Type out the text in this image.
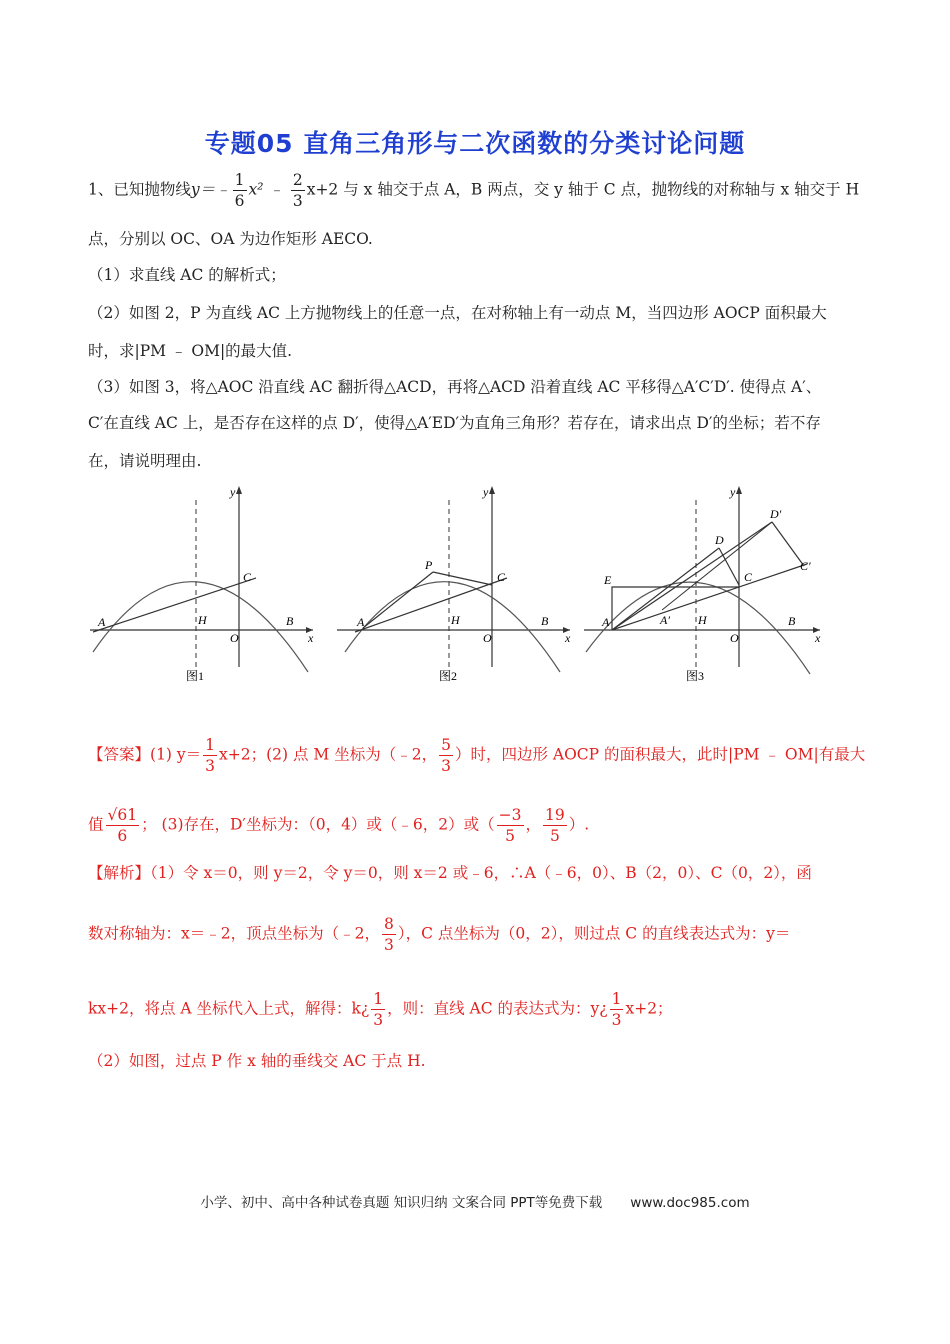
专题05 直角三角形与二次函数的分类讨论问题
1、已知抛物线y＝﹣ $\frac{1}{6} x^2$ ﹣ $\frac{2}{3} x+2$ 与 x 轴交于点 A，B 两点，交 y 轴于 C 点，抛物线的对称轴与 x 轴交于 H
点，分别以 OC、OA 为边作矩形 AECO.
（1）求直线 AC 的解析式；
（2）如图 2，P 为直线 AC 上方抛物线上的任意一点，在对称轴上有一动点 M，当四边形 AOCP 面积最大
时，求|PM ﹣ OM|的最大值.
（3）如图 3，将△AOC 沿直线 AC 翻折得△ACD，再将△ACD 沿着直线 AC 平移得△A′C′D′. 使得点 A′、
C′在直线 AC 上，是否存在这样的点 D′，使得△A′ED′为直角三角形？若存在，请求出点 D′的坐标；若不存
在，请说明理由.
y
x
A	H
O
B
C
图1
y
x
A	H
O
B
C
P
图2
y
x
A	H
O
B
C
E
D
A′
D′
C′
图3
【答案】(1) $y= \frac{1}{3} x+2$；(2) 点 M 坐标为（﹣2， $\frac{5}{3}$ ）时，四边形 AOCP 的面积最大，此时|PM ﹣ OM|有最大
值 $\frac{√61}{6}$ ； (3)存在，D′坐标为：（0，4）或（﹣6，2）或（ $\frac{-3}{5}$ ， $\frac{19}{5}$ ）.
【解析】（1）令 x＝0，则 y＝2，令 y＝0，则 x＝2 或﹣6，∴A（﹣6，0）、B（2，0）、C（0，2），函
数对称轴为：x＝﹣2，顶点坐标为（﹣2， $\frac{8}{3}$ ），C 点坐标为（0，2），则过点 C 的直线表达式为：y＝
kx+2，将点 A 坐标代入上式，解得：k¿ $\frac{1}{3}$ ，则：直线 AC 的表达式为：y¿ $\frac{1}{3} x+2$；
（2）如图，过点 P 作 x 轴的垂线交 AC 于点 H.
小学、初中、高中各种试卷真题 知识归纳 文案合同 PPT等免费下载 www.doc985.com
